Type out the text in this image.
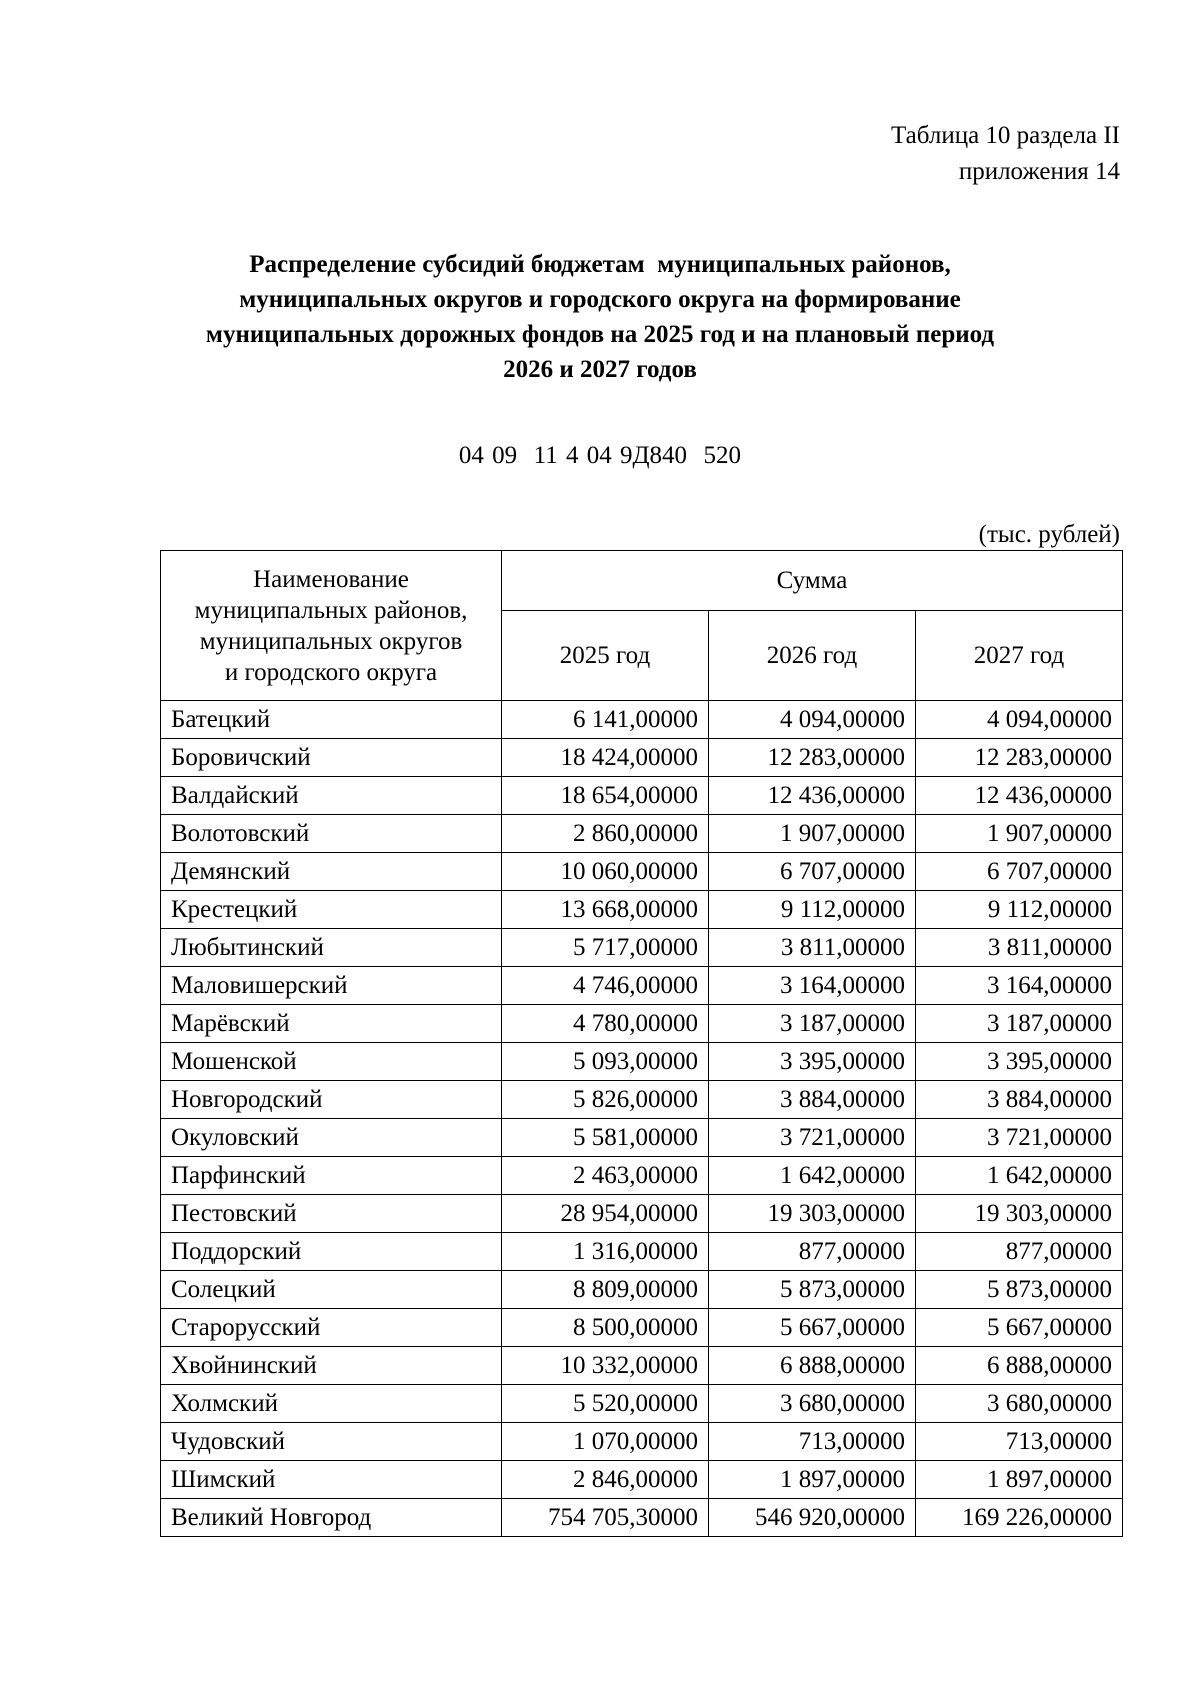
Таблица 10 раздела II
приложения 14
Распределение субсидий бюджетам  муниципальных районов,
муниципальных округов и городского округа на формирование
муниципальных дорожных фондов на 2025 год и на плановый период
2026 и 2027 годов
04 09  11 4 04 9Д840  520
(тыс. рублей)
Наименование
муниципальных районов,
муниципальных округов
и городского округа	Сумма		
	2025 год	2026 год	2027 год
Батецкий	6 141,00000	4 094,00000	4 094,00000
Боровичский	18 424,00000	12 283,00000	12 283,00000
Валдайский	18 654,00000	12 436,00000	12 436,00000
Волотовский	2 860,00000	1 907,00000	1 907,00000
Демянский	10 060,00000	6 707,00000	6 707,00000
Крестецкий	13 668,00000	9 112,00000	9 112,00000
Любытинский	5 717,00000	3 811,00000	3 811,00000
Маловишерский	4 746,00000	3 164,00000	3 164,00000
Марёвский	4 780,00000	3 187,00000	3 187,00000
Мошенской	5 093,00000	3 395,00000	3 395,00000
Новгородский	5 826,00000	3 884,00000	3 884,00000
Окуловский	5 581,00000	3 721,00000	3 721,00000
Парфинский	2 463,00000	1 642,00000	1 642,00000
Пестовский	28 954,00000	19 303,00000	19 303,00000
Поддорский	1 316,00000	877,00000	877,00000
Солецкий	8 809,00000	5 873,00000	5 873,00000
Старорусский	8 500,00000	5 667,00000	5 667,00000
Хвойнинский	10 332,00000	6 888,00000	6 888,00000
Холмский	5 520,00000	3 680,00000	3 680,00000
Чудовский	1 070,00000	713,00000	713,00000
Шимский	2 846,00000	1 897,00000	1 897,00000
Великий Новгород	754 705,30000	546 920,00000	169 226,00000
